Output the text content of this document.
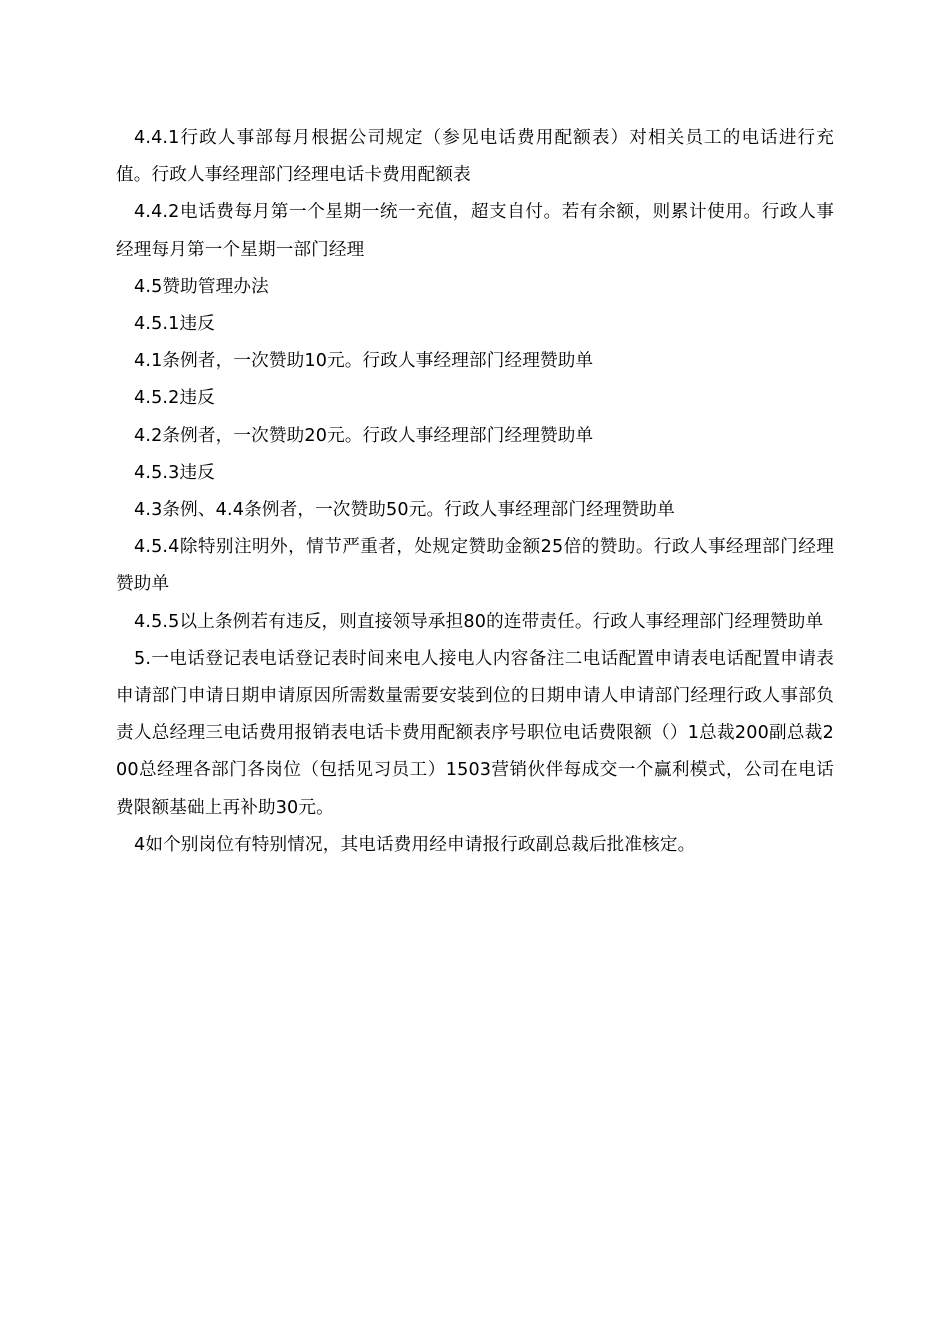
4.4.1行政人事部每月根据公司规定（参见电话费用配额表）对相关员工的电话进行充值。行政人事经理部门经理电话卡费用配额表

4.4.2电话费每月第一个星期一统一充值，超支自付。若有余额，则累计使用。行政人事经理每月第一个星期一部门经理

4.5赞助管理办法

4.5.1违反

4.1条例者，一次赞助10元。行政人事经理部门经理赞助单

4.5.2违反

4.2条例者，一次赞助20元。行政人事经理部门经理赞助单

4.5.3违反

4.3条例、4.4条例者，一次赞助50元。行政人事经理部门经理赞助单

4.5.4除特别注明外，情节严重者，处规定赞助金额25倍的赞助。行政人事经理部门经理赞助单

4.5.5以上条例若有违反，则直接领导承担80的连带责任。行政人事经理部门经理赞助单

5.一电话登记表电话登记表时间来电人接电人内容备注二电话配置申请表电话配置申请表申请部门申请日期申请原因所需数量需要安装到位的日期申请人申请部门经理行政人事部负责人总经理三电话费用报销表电话卡费用配额表序号职位电话费限额（）1总裁200副总裁200总经理各部门各岗位（包括见习员工）1503营销伙伴每成交一个赢利模式，公司在电话费限额基础上再补助30元。

4如个别岗位有特别情况，其电话费用经申请报行政副总裁后批准核定。
